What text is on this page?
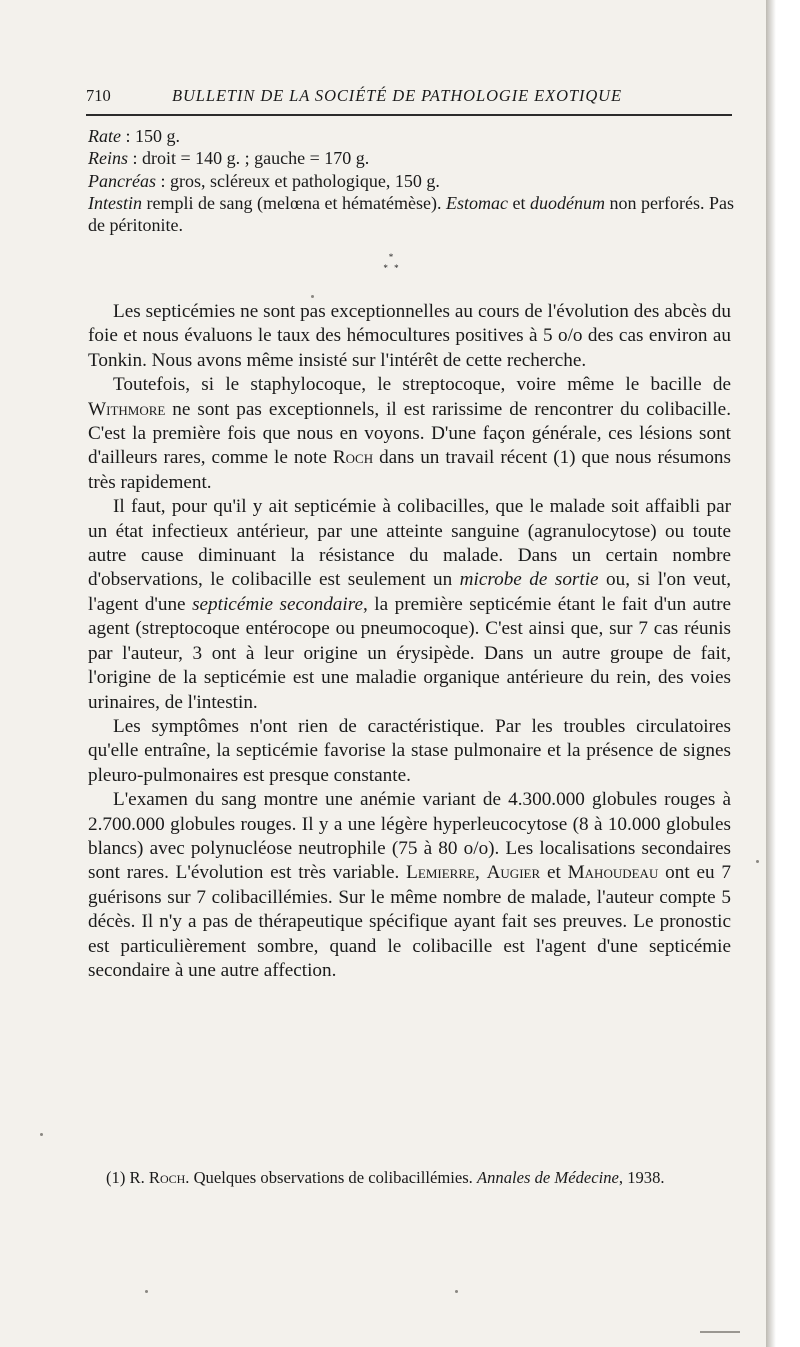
710	BULLETIN DE LA SOCIÉTÉ DE PATHOLOGIE EXOTIQUE
Rate : 150 g.
Reins : droit = 140 g. ; gauche = 170 g.
Pancréas : gros, scléreux et pathologique, 150 g.
Intestin rempli de sang (melœna et hématémèse). Estomac et duodénum non perforés. Pas de péritonite.
*
* *

Les septicémies ne sont pas exceptionnelles au cours de l'évolution des abcès du foie et nous évaluons le taux des hémocultures positives à 5 o/o des cas environ au Tonkin. Nous avons même insisté sur l'intérêt de cette recherche.

Toutefois, si le staphylocoque, le streptocoque, voire même le bacille de Withmore ne sont pas exceptionnels, il est rarissime de rencontrer du colibacille. C'est la première fois que nous en voyons. D'une façon générale, ces lésions sont d'ailleurs rares, comme le note Roch dans un travail récent (1) que nous résumons très rapidement.

Il faut, pour qu'il y ait septicémie à colibacilles, que le malade soit affaibli par un état infectieux antérieur, par une atteinte sanguine (agranulocytose) ou toute autre cause diminuant la résistance du malade. Dans un certain nombre d'observations, le colibacille est seulement un microbe de sortie ou, si l'on veut, l'agent d'une septicémie secondaire, la première septicémie étant le fait d'un autre agent (streptocoque entérocope ou pneumocoque). C'est ainsi que, sur 7 cas réunis par l'auteur, 3 ont à leur origine un érysipède. Dans un autre groupe de fait, l'origine de la septicémie est une maladie organique antérieure du rein, des voies urinaires, de l'intestin.

Les symptômes n'ont rien de caractéristique. Par les troubles circulatoires qu'elle entraîne, la septicémie favorise la stase pulmonaire et la présence de signes pleuro-pulmonaires est presque constante.

L'examen du sang montre une anémie variant de 4.300.000 globules rouges à 2.700.000 globules rouges. Il y a une légère hyperleucocytose (8 à 10.000 globules blancs) avec polynucléose neutrophile (75 à 80 o/o). Les localisations secondaires sont rares. L'évolution est très variable. Lemierre, Augier et Mahoudeau ont eu 7 guérisons sur 7 colibacillémies. Sur le même nombre de malade, l'auteur compte 5 décès. Il n'y a pas de thérapeutique spécifique ayant fait ses preuves. Le pronostic est particulièrement sombre, quand le colibacille est l'agent d'une septicémie secondaire à une autre affection.

(1) R. Roch. Quelques observations de colibacillémies. Annales de Médecine, 1938.
